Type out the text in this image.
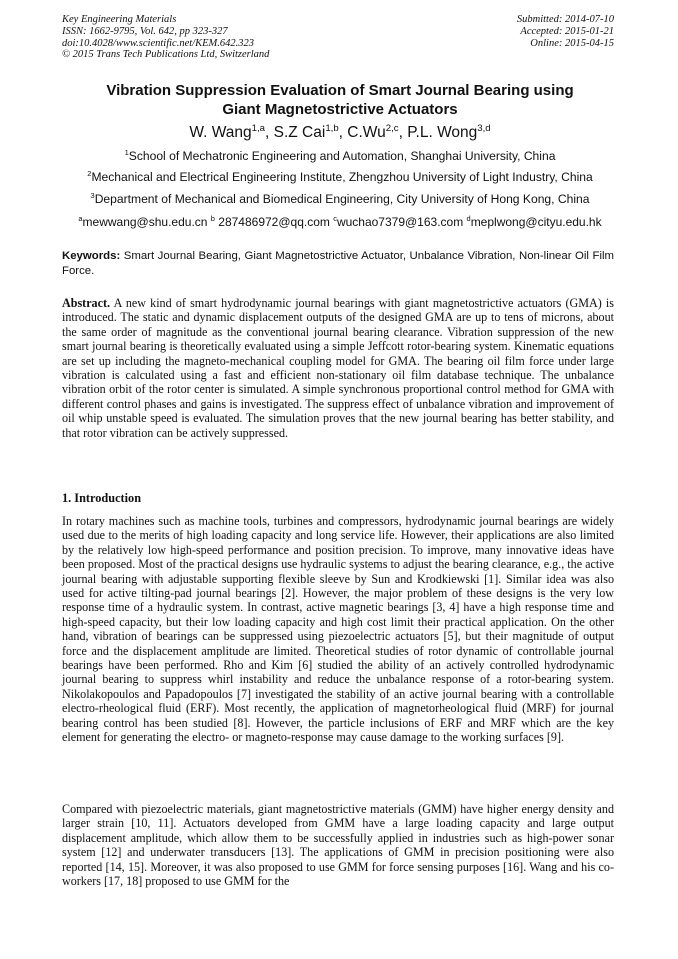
Key Engineering Materials
ISSN: 1662-9795, Vol. 642, pp 323-327
doi:10.4028/www.scientific.net/KEM.642.323
© 2015 Trans Tech Publications Ltd, Switzerland
Submitted: 2014-07-10
Accepted: 2015-01-21
Online: 2015-04-15
Vibration Suppression Evaluation of Smart Journal Bearing using
Giant Magnetostrictive Actuators
W. Wang$^{1,a}$, S.Z Cai$^{1,b}$, C.Wu$^{2,c}$, P.L. Wong$^{3,d}$
$^1$School of Mechatronic Engineering and Automation, Shanghai University, China
$^2$Mechanical and Electrical Engineering Institute, Zhengzhou University of Light Industry, China
$^3$Department of Mechanical and Biomedical Engineering, City University of Hong Kong, China
$^a$mewwang@shu.edu.cn $^b$ 287486972@qq.com $^c$wuchao7379@163.com $^d$meplwong@cityu.edu.hk
Keywords: Smart Journal Bearing, Giant Magnetostrictive Actuator, Unbalance Vibration, Non-linear Oil Film Force.
Abstract. A new kind of smart hydrodynamic journal bearings with giant magnetostrictive actuators (GMA) is introduced. The static and dynamic displacement outputs of the designed GMA are up to tens of microns, about the same order of magnitude as the conventional journal bearing clearance. Vibration suppression of the new smart journal bearing is theoretically evaluated using a simple Jeffcott rotor-bearing system. Kinematic equations are set up including the magneto-mechanical coupling model for GMA. The bearing oil film force under large vibration is calculated using a fast and efficient non-stationary oil film database technique. The unbalance vibration orbit of the rotor center is simulated. A simple synchronous proportional control method for GMA with different control phases and gains is investigated. The suppress effect of unbalance vibration and improvement of oil whip unstable speed is evaluated. The simulation proves that the new journal bearing has better stability, and that rotor vibration can be actively suppressed.
1. Introduction

In rotary machines such as machine tools, turbines and compressors, hydrodynamic journal bearings are widely used due to the merits of high loading capacity and long service life. However, their applications are also limited by the relatively low high-speed performance and position precision. To improve, many innovative ideas have been proposed. Most of the practical designs use hydraulic systems to adjust the bearing clearance, e.g., the active journal bearing with adjustable supporting flexible sleeve by Sun and Krodkiewski [1]. Similar idea was also used for active tilting-pad journal bearings [2]. However, the major problem of these designs is the very low response time of a hydraulic system. In contrast, active magnetic bearings [3, 4] have a high response time and high-speed capacity, but their low loading capacity and high cost limit their practical application. On the other hand, vibration of bearings can be suppressed using piezoelectric actuators [5], but their magnitude of output force and the displacement amplitude are limited. Theoretical studies of rotor dynamic of controllable journal bearings have been performed. Rho and Kim [6] studied the ability of an actively controlled hydrodynamic journal bearing to suppress whirl instability and reduce the unbalance response of a rotor-bearing system. Nikolakopoulos and Papadopoulos [7] investigated the stability of an active journal bearing with a controllable electro-rheological fluid (ERF). Most recently, the application of magnetorheological fluid (MRF) for journal bearing control has been studied [8]. However, the particle inclusions of ERF and MRF which are the key element for generating the electro- or magneto-response may cause damage to the working surfaces [9].

Compared with piezoelectric materials, giant magnetostrictive materials (GMM) have higher energy density and larger strain [10, 11]. Actuators developed from GMM have a large loading capacity and large output displacement amplitude, which allow them to be successfully applied in industries such as high-power sonar system [12] and underwater transducers [13]. The applications of GMM in precision positioning were also reported [14, 15]. Moreover, it was also proposed to use GMM for force sensing purposes [16]. Wang and his co-workers [17, 18] proposed to use GMM for the
